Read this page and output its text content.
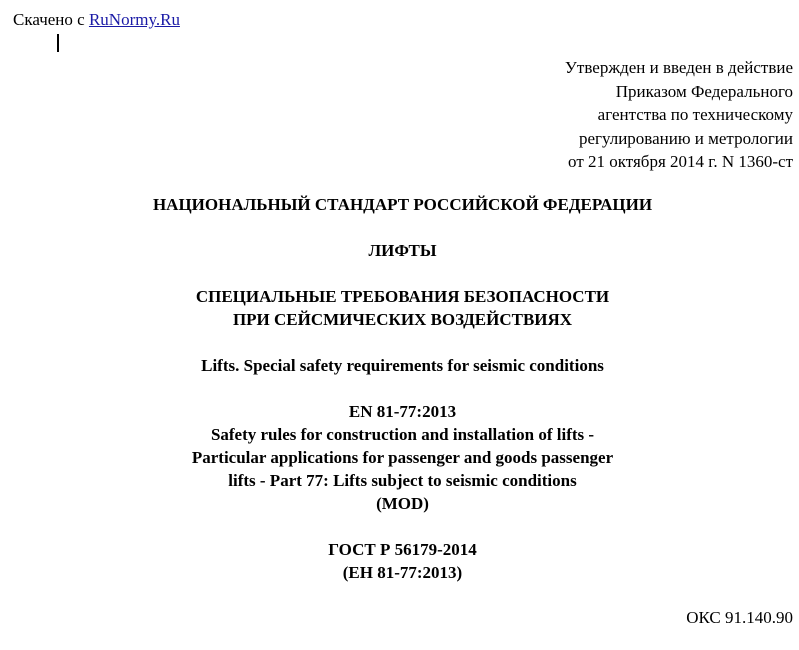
Скачено с RuNormy.Ru
Утвержден и введен в действие
Приказом Федерального
агентства по техническому
регулированию и метрологии
от 21 октября 2014 г. N 1360-ст
НАЦИОНАЛЬНЫЙ СТАНДАРТ РОССИЙСКОЙ ФЕДЕРАЦИИ
ЛИФТЫ
СПЕЦИАЛЬНЫЕ ТРЕБОВАНИЯ БЕЗОПАСНОСТИ
ПРИ СЕЙСМИЧЕСКИХ ВОЗДЕЙСТВИЯХ
Lifts. Special safety requirements for seismic conditions
EN 81-77:2013
Safety rules for construction and installation of lifts -
Particular applications for passenger and goods passenger
lifts - Part 77: Lifts subject to seismic conditions
(MOD)
ГОСТ Р 56179-2014
(ЕН 81-77:2013)
ОКС 91.140.90
